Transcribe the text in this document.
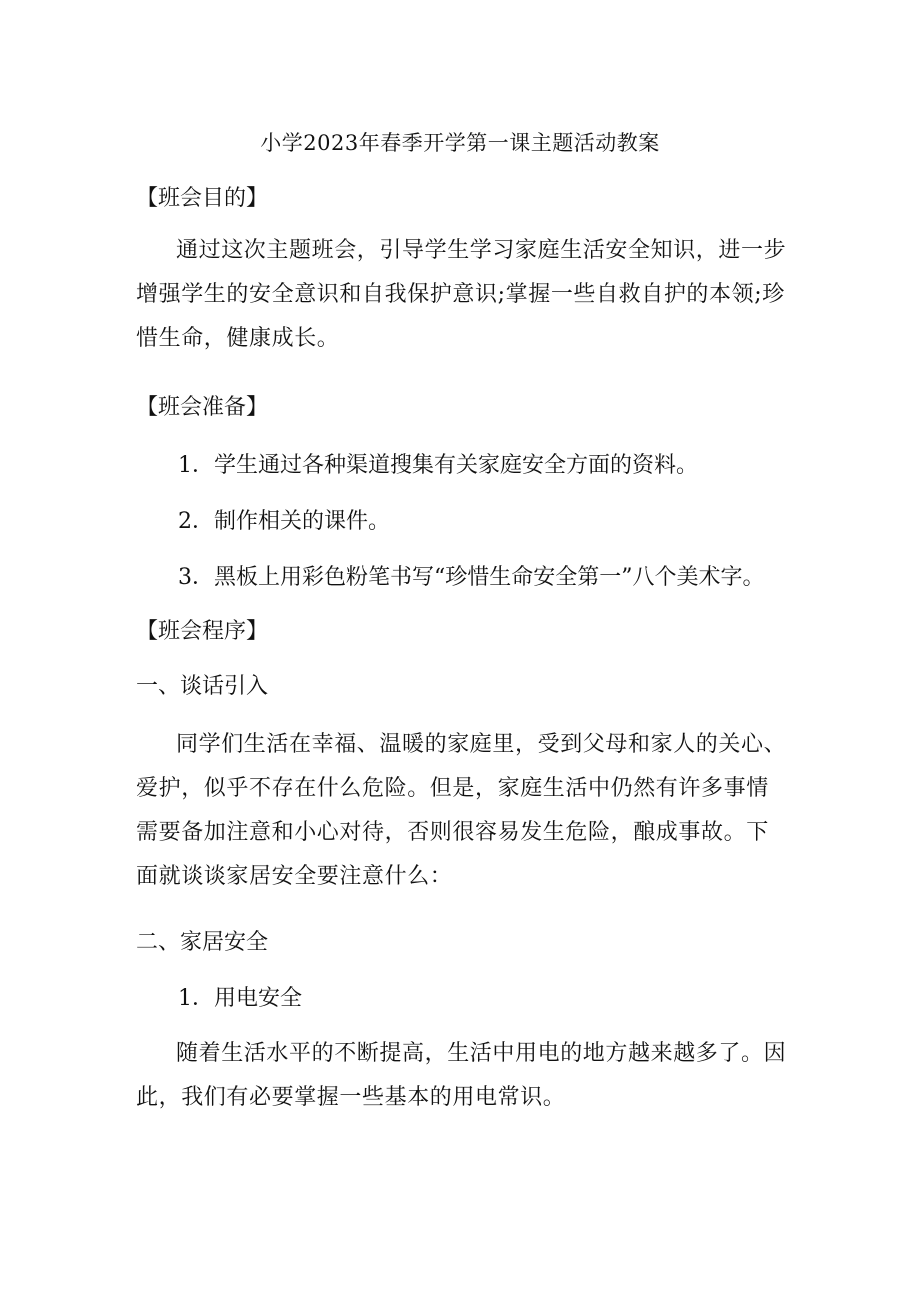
小学2023年春季开学第一课主题活动教案
【班会目的】
通过这次主题班会，引导学生学习家庭生活安全知识，进一步增强学生的安全意识和自我保护意识;掌握一些自救自护的本领;珍惜生命，健康成长。
【班会准备】
1．学生通过各种渠道搜集有关家庭安全方面的资料。
2．制作相关的课件。
3．黑板上用彩色粉笔书写“珍惜生命安全第一”八个美术字。
【班会程序】
一、谈话引入
同学们生活在幸福、温暖的家庭里，受到父母和家人的关心、爱护，似乎不存在什么危险。但是，家庭生活中仍然有许多事情需要备加注意和小心对待，否则很容易发生危险，酿成事故。下面就谈谈家居安全要注意什么：
二、家居安全
1．用电安全
随着生活水平的不断提高，生活中用电的地方越来越多了。因此，我们有必要掌握一些基本的用电常识。
